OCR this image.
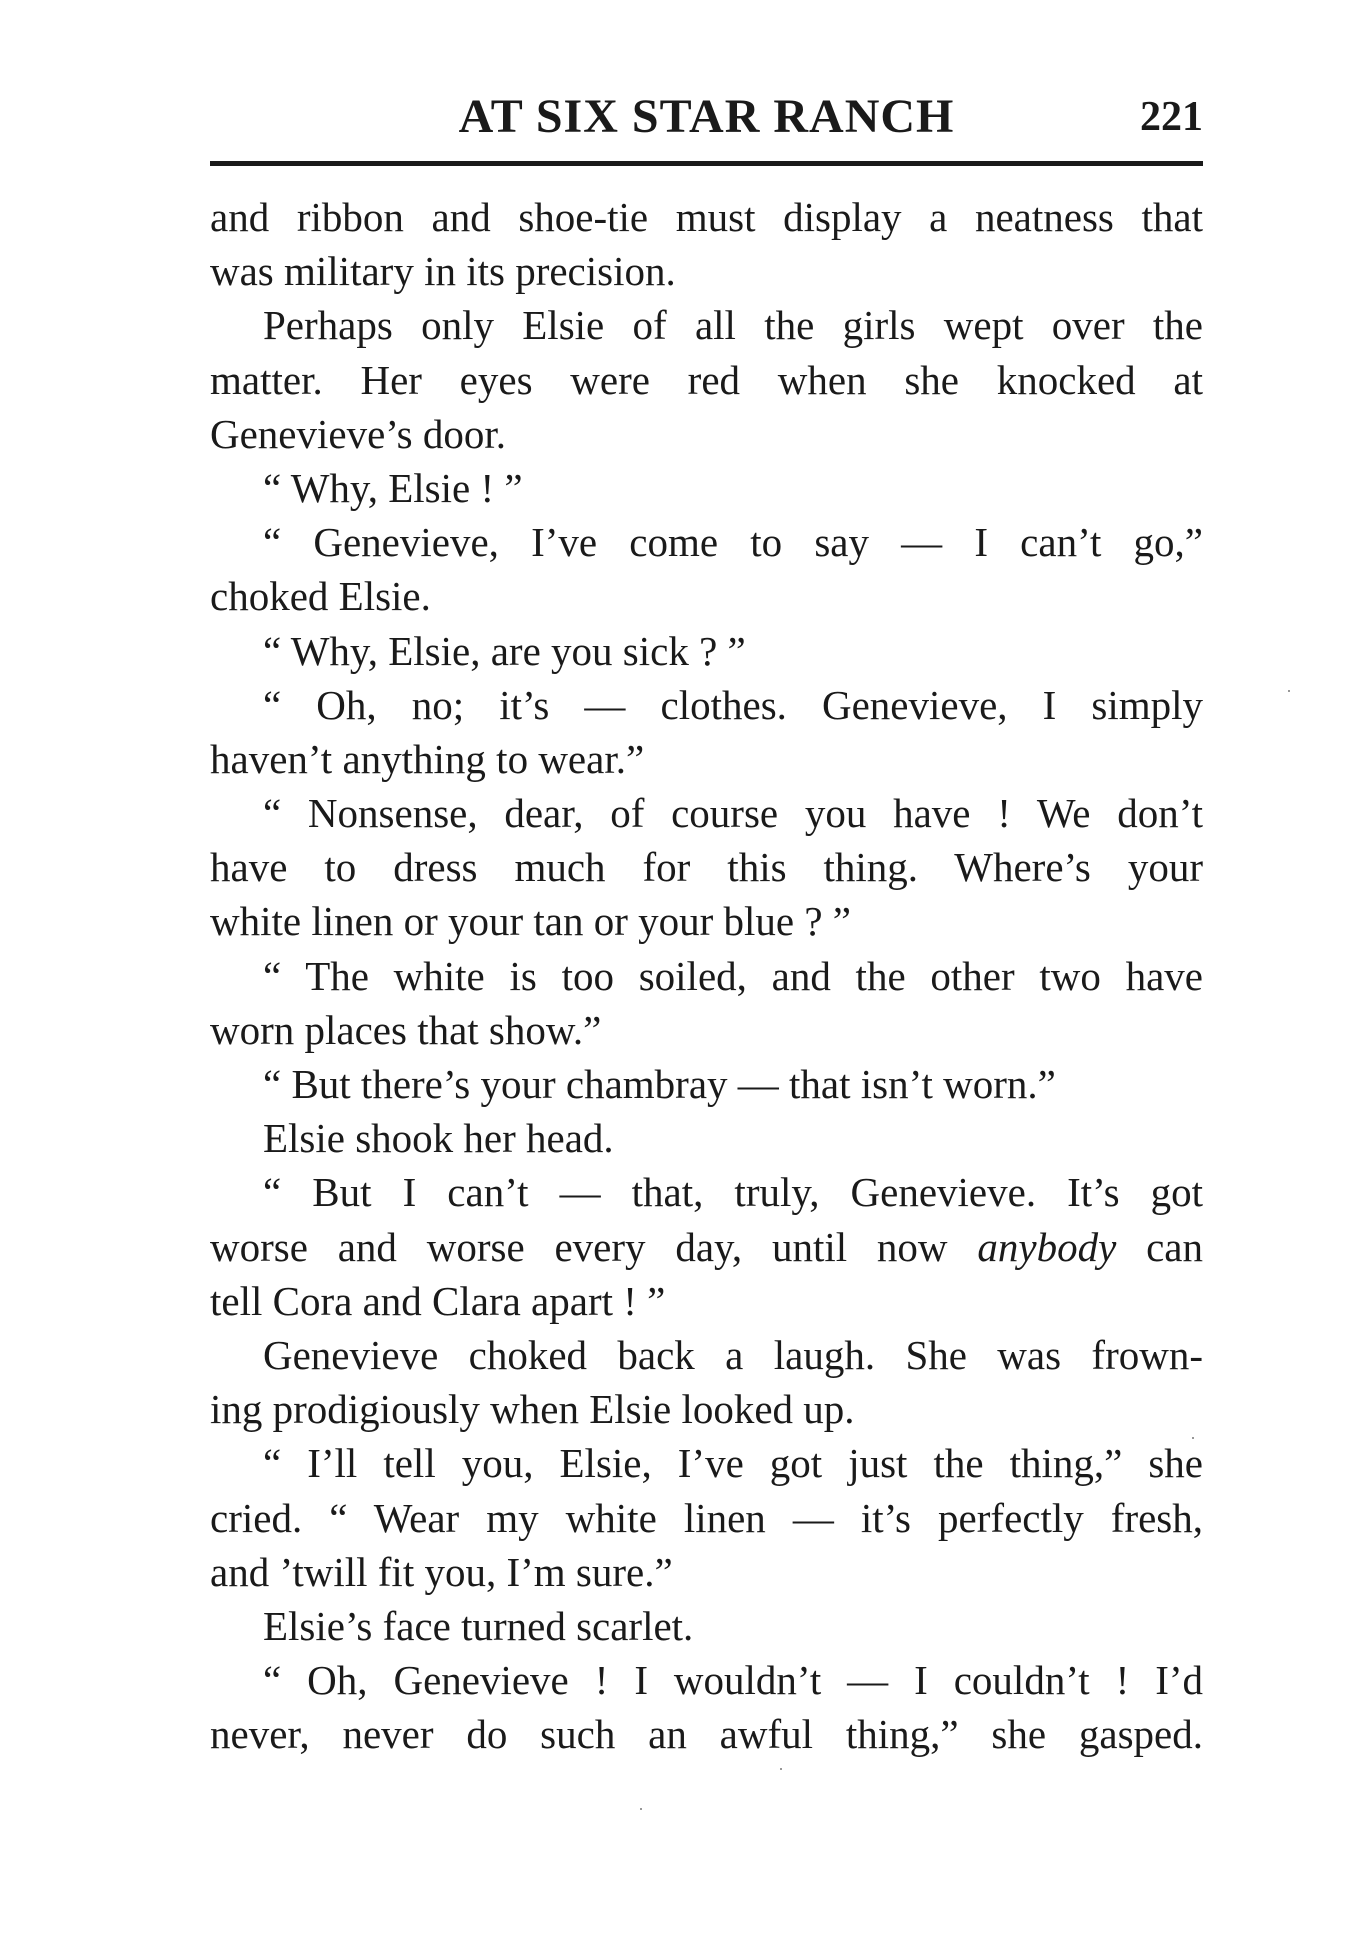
AT SIX STAR RANCH	221
and ribbon and shoe-tie must display a neatness that
was military in its precision.
Perhaps only Elsie of all the girls wept over the
matter. Her eyes were red when she knocked at
Genevieve’s door.
“ Why, Elsie ! ”
“ Genevieve, I’ve come to say — I can’t go,”
choked Elsie.
“ Why, Elsie, are you sick ? ”
“ Oh, no; it’s — clothes. Genevieve, I simply
haven’t anything to wear.”
“ Nonsense, dear, of course you have ! We don’t
have to dress much for this thing. Where’s your
white linen or your tan or your blue ? ”
“ The white is too soiled, and the other two have
worn places that show.”
“ But there’s your chambray — that isn’t worn.”
Elsie shook her head.
“ But I can’t — that, truly, Genevieve. It’s got
worse and worse every day, until now anybody can
tell Cora and Clara apart ! ”
Genevieve choked back a laugh. She was frown-
ing prodigiously when Elsie looked up.
“ I’ll tell you, Elsie, I’ve got just the thing,” she
cried. “ Wear my white linen — it’s perfectly fresh,
and ’twill fit you, I’m sure.”
Elsie’s face turned scarlet.
“ Oh, Genevieve ! I wouldn’t — I couldn’t ! I’d
never, never do such an awful thing,” she gasped.
